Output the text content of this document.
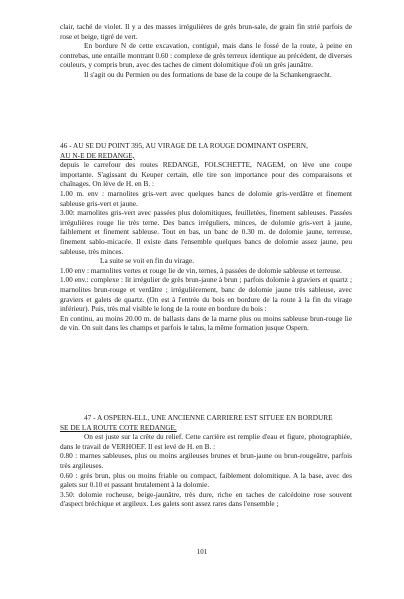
clair, taché de violet. Il y a des masses irrégulières de grès brun-sale, de grain fin strié parfois de rose et beige, tigré de vert.

En bordure N de cette excavation, contiguë, mais dans le fossé de la route, à peine en contrebas, une entaille montrant 0.60 : complexe de grès terreux identique au précédent, de diverses couleurs, y compris brun, avec des taches de ciment dolomitique d'où un grès jaunâtre.

Il s'agit ou du Permien ou des formations de base de la coupe de la Schankengraecht.

46 - AU SE DU POINT 395, AU VIRAGE DE LA ROUGE DOMINANT OSPERN,

AU N-E DE REDANGE,

depuis le carrefour des routes REDANGE, FOLSCHETTE, NAGEM, on lève une coupe importante. S'agissant du Keuper certain, elle tire son importance pour des comparaisons et chaînages. On lève de H. en B. :

1.00 m. env : marnolites gris-vert avec quelques bancs de dolomie gris-verdâtre et finement sableuse gris-vert et jaune.

3.00: marnolites gris-vert avec passées plus dolomitiques, feuilletées, finement sableuses. Passées irrégulières rouge lie très terne. Des bancs irréguliers, minces, de dolomie gris-vert à jaune, faiblement et finement sableuse. Tout en bas, un banc de 0.30 m. de dolomie jaune, terreuse, finement sablo-micacée. Il existe dans l'ensemble quelques bancs de dolomie assez jaune, peu sableuse, très minces.

La suite se voit en fin du virage.

1.00 env : marnolites vertes et rouge lie de vin, ternes, à passées de dolomie sableuse et terreuse.

1.00 env.: complexe : lit irrégulier de grès brun-jaune à brun ; parfois dolomie à graviers et quartz ; marnolites brun-rouge et verdâtre ; irrégulièrement, banc de dolomie jaune très sableuse, avec graviers et galets de quartz. (On est à l'entrée du bois en bordure de la route à la fin du virage inférieur). Puis, très mal visible le long de la route en bordure du bois :

En continu, au moins 20.00 m. de ballasts dans de la marne plus ou moins sableuse brun-rouge lie de vin. On suit dans les champs et parfois le talus, la même formation jusque Ospern.

47 - A OSPERN-ELL, UNE ANCIENNE CARRIERE EST SITUEE EN BORDURE

SE DE LA ROUTE COTE REDANGE.

On est juste sur la crête du relief. Cette carrière est remplie d'eau et figure, photographiée, dans le travail de VERHOEF. Il est levé de H. en B. :

0.80 : marnes sableuses, plus ou moins argileuses brunes et brun-jaune ou brun-rougeâtre, parfois très argileuses.

0.60 : grès brun, plus ou moins friable ou compact, faiblement dolomitique. A la base, avec des galets sur 0.10 et passant brutalement à la dolomie.

3.50: dolomie rocheuse, beige-jaunâtre, très dure, riche en taches de calcédoine rose souvent d'aspect bréchique et argileux. Les galets sont assez rares dans l'ensemble ;

101
